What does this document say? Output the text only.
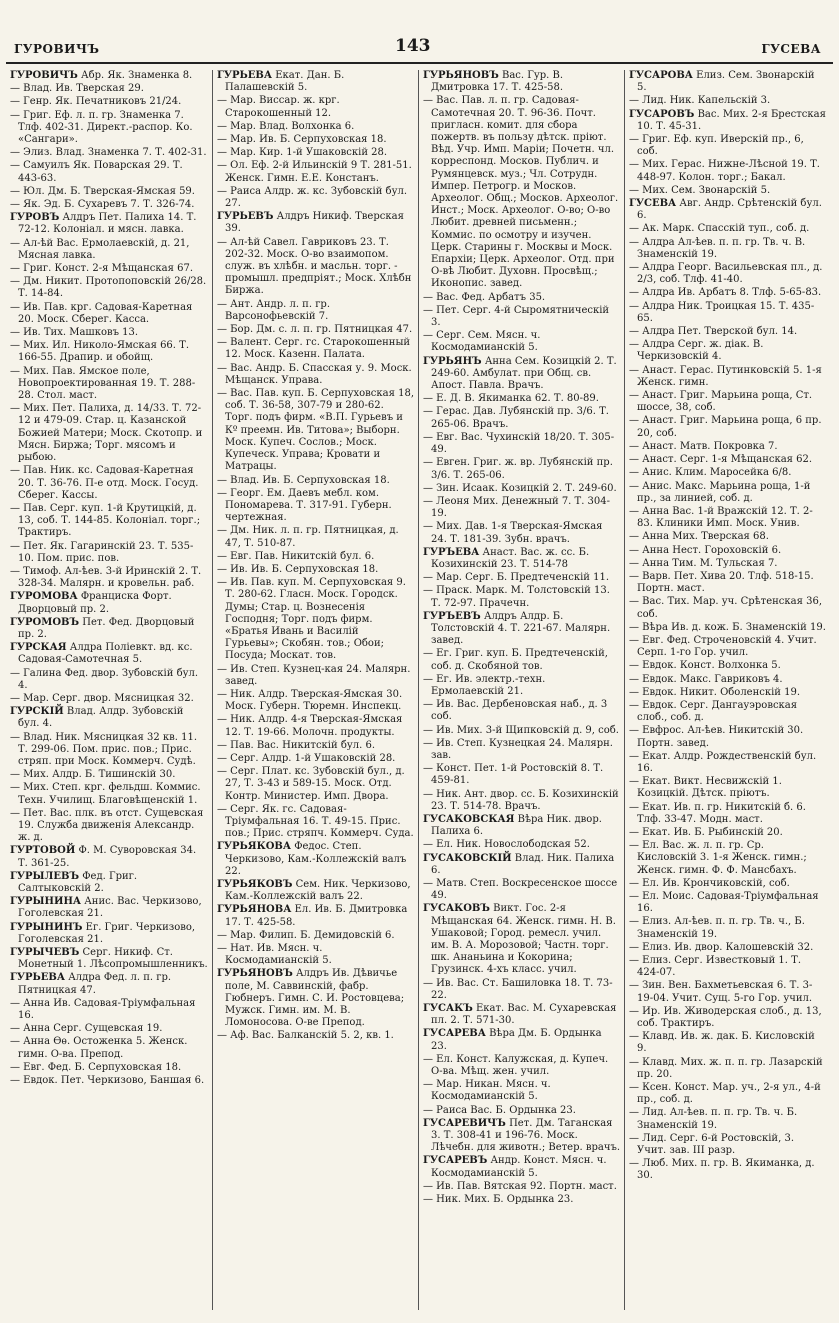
ГУРОВИЧЪ	143	ГУСЕВА
ГУРОВИЧЪ Абр. Як. Знаменка 8.
— Влад. Ив. Тверская 29.
— Генр. Як. Печатниковъ 21/24.
— Григ. Еф. л. п. гр. Знаменка 7. Тлф. 402-31. Директ.-распор. Ко. «Сангари».
— Элиз. Влад. Знаменка 7. Т. 402-31.
— Самуилъ Як. Поварская 29. Т. 443-63.
— Юл. Дм. Б. Тверская-Ямская 59.
— Як. Эд. Б. Сухаревъ 7. Т. 326-74.
ГУРОВЪ Алдръ Пет. Палиха 14. Т. 72-12. Колоніал. и мясн. лавка.
— Ал-ѣй Вас. Ермолаевскій, д. 21, Мясная лавка.
— Григ. Конст. 2-я Мѣщанская 67.
— Дм. Никит. Протопоповскій 26/28. Т. 14-84.
— Ив. Пав. крг. Садовая-Каретная 20. Моск. Сберег. Касса.
— Ив. Тих. Машковъ 13.
— Мих. Ил. Николо-Ямская 66. Т. 166-55. Драпир. и обойщ.
— Мих. Пав. Ямское поле, Новопроектированная 19. Т. 288-28. Стол. маст.
— Мих. Пет. Палиха, д. 14/33. Т. 72-12 и 479-09. Стар. ц. Казанской Божией Матери; Моск. Скотопр. и Мясн. Биржа; Торг. мясомъ и рыбою.
— Пав. Ник. кс. Садовая-Каретная 20. Т. 36-76. П-е отд. Моск. Госуд. Сберег. Кассы.
— Пав. Серг. куп. 1-й Крутицкій, д. 13, соб. Т. 144-85. Колоніал. торг.; Трактиръ.
— Пет. Як. Гагаринскій 23. Т. 535-10. Пом. прис. пов.
— Тимоф. Ал-ѣев. 3-й Иринскій 2. Т. 328-34. Малярн. и кровельн. раб.
ГУРОМОВА Франциска Форт. Дворцовый пр. 2.
ГУРОМОВЪ Пет. Фед. Дворцовый пр. 2.
ГУРСКАЯ Алдра Поліевкт. вд. кс. Садовая-Самотечная 5.
— Галина Фед. двор. Зубовскій бул. 4.
— Мар. Серг. двор. Мясницкая 32.
ГУРСКІЙ Влад. Алдр. Зубовскій бул. 4.
— Влад. Ник. Мясницкая 32 кв. 11. Т. 299-06. Пом. прис. пов.; Прис. стряп. при Моск. Коммерч. Судѣ.
— Мих. Алдр. Б. Тишинскій 30.
— Мих. Степ. крг. фельдш. Коммис. Техн. Училищ. Благовѣщенскій 1.
— Пет. Вас. плк. въ отст. Сущевская 19. Служба движенія Александр. ж. д.
ГУРТОВОЙ Ф. М. Суворовская 34. Т. 361-25.
ГУРЫЛЕВЪ Фед. Григ. Салтыковскій 2.
ГУРЫНИНА Анис. Вас. Черкизово, Гоголевская 21.
ГУРЫНИНЪ Ег. Григ. Черкизово, Гоголевская 21.
ГУРЫЧЕВЪ Серг. Никиф. Ст. Монетный 1. Лѣсопромышленникъ.
ГУРЬЕВА Алдра Фед. л. п. гр. Пятницкая 47.
— Анна Ив. Садовая-Тріумфальная 16.
— Анна Серг. Сущевская 19.
— Анна Ѳѳ. Остоженка 5. Женск. гимн. О-ва. Препод.
— Евг. Фед. Б. Серпуховская 18.
— Евдок. Пет. Черкизово, Баншая 6.
ГУРЬЕВА Екат. Дан. Б. Палашевскій 5.
— Мар. Виссар. ж. крг. Старокошенный 12.
— Мар. Влад. Волхонка 6.
— Мар. Ив. Б. Серпуховская 18.
— Мар. Кир. 1-й Ушаковскій 28.
— Ол. Еф. 2-й Ильинскій 9 Т. 281-51. Женск. Гимн. Е.Е. Констанъ.
— Раиса Алдр. ж. кс. Зубовскій бул. 27.
ГУРЬЕВЪ Алдръ Никиф. Тверская 39.
— Ал-ѣй Савел. Гавриковъ 23. Т. 202-32. Моск. О-во взаимопом. служ. въ хлѣбн. и масльн. торг. - промышл. предпріят.; Моск. Хлѣбн Биржа.
— Ант. Андр. л. п. гр. Варсонофьевскій 7.
— Бор. Дм. с. л. п. гр. Пятницкая 47.
— Валент. Серг. гс. Старокошенный 12. Моск. Казенн. Палата.
— Вас. Андр. Б. Спасская у. 9. Моск. Мѣщанск. Управа.
— Вас. Пав. куп. Б. Серпуховская 18, соб. Т. 36-58, 307-79 и 280-62. Торг. подъ фирм. «В.П. Гурьевъ и Кº преемн. Ив. Титова»; Выборн. Моск. Купеч. Сослов.; Моск. Купеческ. Управа; Кровати и Матрацы.
— Влад. Ив. Б. Серпуховская 18.
— Георг. Ем. Даевъ мебл. ком. Пономарева. Т. 317-91. Губерн. чертежная.
— Дм. Ник. л. п. гр. Пятницкая, д. 47, Т. 510-87.
— Евг. Пав. Никитскій бул. 6.
— Ив. Ив. Б. Серпуховская 18.
— Ив. Пав. куп. М. Серпуховская 9. Т. 280-62. Гласн. Моск. Городск. Думы; Стар. ц. Вознесенія Господня; Торг. подъ фирм. «Братья Ивань и Василій Гурьевы»; Скобян. тов.; Обои; Посуда; Москат. тов.
— Ив. Степ. Кузнец-кая 24. Малярн. завед.
— Ник. Алдр. Тверская-Ямская 30. Моск. Губерн. Тюремн. Инспекц.
— Ник. Алдр. 4-я Тверская-Ямская 12. Т. 19-66. Молочн. продукты.
— Пав. Вас. Никитскій бул. 6.
— Серг. Алдр. 1-й Ушаковскій 28.
— Серг. Плат. кс. Зубовскій бул., д. 27, Т. 3-43 и 589-15. Моск. Отд. Контр. Министер. Имп. Двора.
— Серг. Як. гс. Садовая-Тріумфальная 16. Т. 49-15. Прис. пов.; Прис. стряпч. Коммерч. Суда.
ГУРЬЯКОВА Федос. Степ. Черкизово, Кам.-Коллежскій валъ 22.
ГУРЬЯКОВЪ Сем. Ник. Черкизово, Кам.-Коллежскій валъ 22.
ГУРЬЯНОВА Ел. Ив. Б. Дмитровка 17. Т. 425-58.
— Мар. Филип. Б. Демидовскій 6.
— Нат. Ив. Мясн. ч. Космодамианскій 5.
ГУРЬЯНОВЪ Алдръ Ив. Дѣвичье поле, М. Саввинскій, фабр. Гюбнеръ. Гимн. С. И. Ростовцева; Мужск. Гимн. им. М. В. Ломоносова. О-ве Препод.
— Аф. Вас. Балканскій 5. 2, кв. 1.
ГУРЬЯНОВЪ Вас. Гур. В. Дмитровка 17. Т. 425-58.
— Вас. Пав. л. п. гр. Садовая-Самотечная 20. Т. 96-36. Почт. пригласн. комит. для сбора пожертв. въ пользу дѣтск. пріют. Вѣд. Учр. Имп. Маріи; Почетн. чл. корреспонд. Москов. Публич. и Румянцевск. муз.; Чл. Сотрудн. Импер. Петрогр. и Москов. Археолог. Общ.; Москов. Археолог. Инст.; Моск. Археолог. О-во; О-во Любит. древней письменн.; Коммис. по осмотру и изучен. Церк. Старины г. Москвы и Моск. Епархіи; Церк. Археолог. Отд. при О-вѣ Любит. Духовн. Просвѣщ.; Иконопис. завед.
— Вас. Фед. Арбатъ 35.
— Пет. Серг. 4-й Сыромятническій 3.
— Серг. Сем. Мясн. ч. Космодамианскій 5.
ГУРЬЯНЪ Анна Сем. Козицкій 2. Т. 249-60. Амбулат. при Общ. св. Апост. Павла. Врачъ.
— Е. Д. В. Якиманка 62. Т. 80-89.
— Герас. Дав. Лубянскій пр. 3/6. Т. 265-06. Врачъ.
— Евг. Вас. Чухинскій 18/20. Т. 305-49.
— Евген. Григ. ж. вр. Лубянскій пр. 3/6. Т. 265-06.
— Зин. Исаак. Козицкій 2. Т. 249-60.
— Леоня Мих. Денежный 7. Т. 304-19.
— Мих. Дав. 1-я Тверская-Ямская 24. Т. 181-39. Зубн. врачъ.
ГУРЪЕВА Анаст. Вас. ж. сс. Б. Козихинскій 23. Т. 514-78
— Мар. Серг. Б. Предтеченскій 11.
— Праск. Марк. М. Толстовскій 13. Т. 72-97. Прачечн.
ГУРЪЕВЪ Алдръ Алдр. Б. Толстовскій 4. Т. 221-67. Малярн. завед.
— Ег. Григ. куп. Б. Предтеченскій, соб. д. Скобяной тов.
— Ег. Ив. электр.-техн. Ермолаевскій 21.
— Ив. Вас. Дербеновская наб., д. 3 соб.
— Ив. Мих. 3-й Щипковскій д. 9, соб.
— Ив. Степ. Кузнецкая 24. Малярн. зав.
— Конст. Пет. 1-й Ростовскій 8. Т. 459-81.
— Ник. Ант. двор. сс. Б. Козихинскій 23. Т. 514-78. Врачъ.
ГУСАКОВСКАЯ Вѣра Ник. двор. Палиха 6.
— Ел. Ник. Новослободская 52.
ГУСАКОВСКІЙ Влад. Ник. Палиха 6.
— Матв. Степ. Воскресенское шоссе 49.
ГУСАКОВЪ Викт. Гос. 2-я Мѣщанская 64. Женск. гимн. Н. В. Ушаковой; Город. ремесл. учил. им. В. А. Морозовой; Частн. торг. шк. Ананьина и Кокорина; Грузинск. 4-хъ класс. учил.
— Ив. Вас. Ст. Башиловка 18. Т. 73-22.
ГУСАКЪ Екат. Вас. М. Сухаревская пл. 2. Т. 571-30.
ГУСАРЕВА Вѣра Дм. Б. Ордынка 23.
— Ел. Конст. Калужская, д. Купеч. О-ва. Мѣщ. жен. учил.
— Мар. Никан. Мясн. ч. Космодамианскій 5.
— Раиса Вас. Б. Ордынка 23.
ГУСАРЕВИЧЪ Пет. Дм. Таганская 3. Т. 308-41 и 196-76. Моск. Лѣчебн. для животн.; Ветер. врачъ.
ГУСАРЕВЪ Андр. Конст. Мясн. ч. Космодамианскій 5.
— Ив. Пав. Вятская 92. Портн. маст.
— Ник. Мих. Б. Ордынка 23.
ГУСАРОВА Елиз. Сем. Звонарскій 5.
— Лид. Ник. Капельскій 3.
ГУСАРОВЪ Вас. Мих. 2-я Брестская 10. Т. 45-31.
— Григ. Еф. куп. Иверскій пр., 6, соб.
— Мих. Герас. Нижне-Лѣсной 19. Т. 448-97. Колон. торг.; Бакал.
— Мих. Сем. Звонарскій 5.
ГУСЕВА Авг. Андр. Срѣтенскій бул. 6.
— Ак. Марк. Спасскій туп., соб. д.
— Алдра Ал-ѣев. п. п. гр. Тв. ч. В. Знаменскій 19.
— Алдра Георг. Васильевская пл., д. 2/3, соб. Тлф. 41-40.
— Алдра Ив. Арбатъ 8. Тлф. 5-65-83.
— Алдра Ник. Троицкая 15. Т. 435-65.
— Алдра Пет. Тверской бул. 14.
— Алдра Серг. ж. діак. В. Черкизовскій 4.
— Анаст. Герас. Путинковскій 5. 1-я Женск. гимн.
— Анаст. Григ. Марьина роща, Ст. шоссе, 38, соб.
— Анаст. Григ. Марьина роща, 6 пр. 20, соб.
— Анаст. Матв. Покровка 7.
— Анаст. Серг. 1-я Мѣщанская 62.
— Анис. Клим. Маросейка 6/8.
— Анис. Макс. Марьина роща, 1-й пр., за линией, соб. д.
— Анна Вас. 1-й Вражскій 12. Т. 2-83. Клиники Имп. Моск. Унив.
— Анна Мих. Тверская 68.
— Анна Нест. Гороховскій 6.
— Анна Тим. М. Тульская 7.
— Варв. Пет. Хива 20. Тлф. 518-15. Портн. маст.
— Вас. Тих. Мар. уч. Срѣтенская 36, соб.
— Вѣра Ив. д. кож. Б. Знаменскій 19.
— Евг. Фед. Строченовскій 4. Учит. Серп. 1-го Гор. учил.
— Евдок. Конст. Волхонка 5.
— Евдок. Макс. Гавриковъ 4.
— Евдок. Никит. Оболенскій 19.
— Евдок. Серг. Дангауэровская слоб., соб. д.
— Евфрос. Ал-ѣев. Никитскій 30. Портн. завед.
— Екат. Алдр. Рождественскій бул. 16.
— Екат. Викт. Несвижскій 1. Козицкій. Дѣтск. пріютъ.
— Екат. Ив. п. гр. Никитскій б. 6. Тлф. 33-47. Модн. маст.
— Екат. Ив. Б. Рыбинскій 20.
— Ел. Вас. ж. л. п. гр. Ср. Кисловскій 3. 1-я Женск. гимн.; Женск. гимн. Ф. Ф. Мансбахъ.
— Ел. Ив. Крончиковскій, соб.
— Ел. Моис. Садовая-Тріумфальная 16.
— Елиз. Ал-ѣев. п. п. гр. Тв. ч., Б. Знаменскій 19.
— Елиз. Ив. двор. Калошевскій 32.
— Елиз. Серг. Известковый 1. Т. 424-07.
— Зин. Вен. Бахметьевская 6. Т. 3-19-04. Учит. Сущ. 5-го Гор. учил.
— Ир. Ив. Живодерская слоб., д. 13, соб. Трактиръ.
— Клавд. Ив. ж. дак. Б. Кисловскій 9.
— Клавд. Мих. ж. п. п. гр. Лазарскій пр. 20.
— Ксен. Конст. Мар. уч., 2-я ул., 4-й пр., соб. д.
— Лид. Ал-ѣев. п. п. гр. Тв. ч. Б. Знаменскій 19.
— Лид. Серг. 6-й Ростовскій, 3. Учит. зав. III разр.
— Люб. Мих. п. гр. В. Якиманка, д. 30.
